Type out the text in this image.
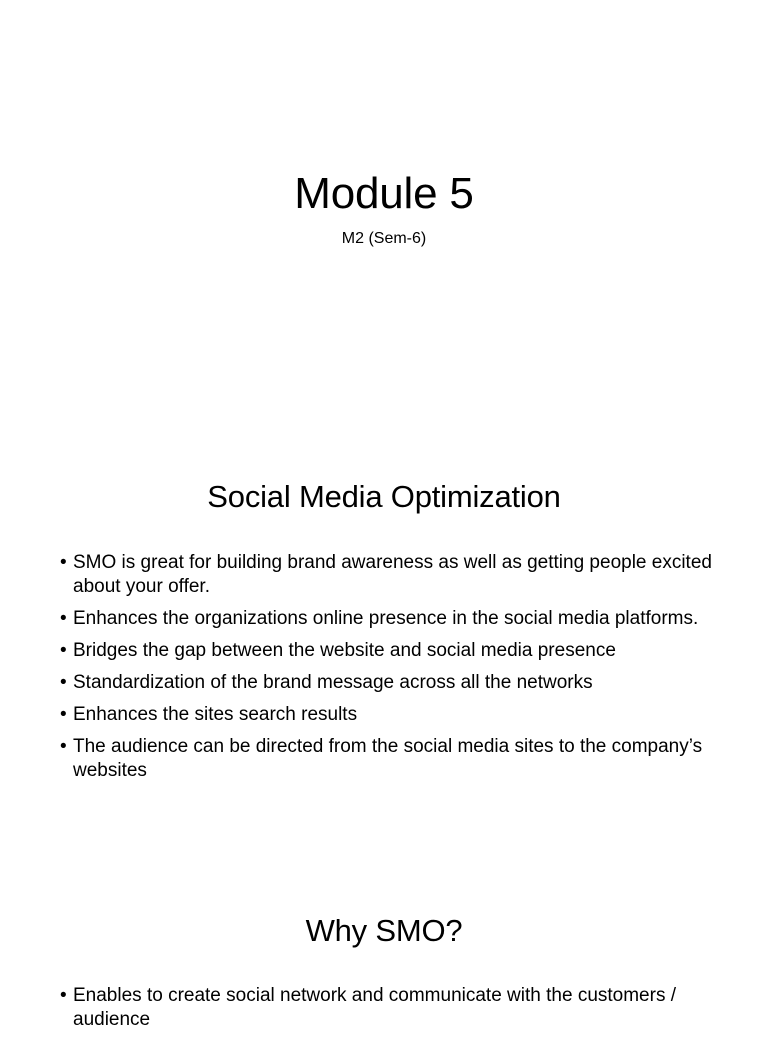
Module 5
M2 (Sem-6)
Social Media Optimization
• SMO is great for building brand awareness as well as getting people excited about your offer.
• Enhances the organizations online presence in the social media platforms.
• Bridges the gap between the website and social media presence
• Standardization of the brand message across all the networks
• Enhances the sites search results
• The audience can be directed from the social media sites to the company’s websites
Why SMO?
• Enables to create social network and communicate with the customers / audience
